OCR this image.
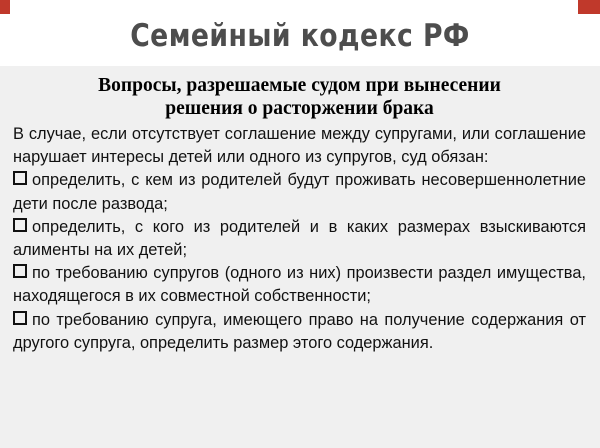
Семейный кодекс РФ

Вопросы, разрешаемые судом при вынесении
решения о расторжении брака

В случае, если отсутствует соглашение между супругами, или соглашение нарушает интересы детей или одного из супругов, суд обязан:

определить, с кем из родителей будут проживать несовершеннолетние дети после развода;
определить, с кого из родителей и в каких размерах взыскиваются алименты на их детей;
по требованию супругов (одного из них) произвести раздел имущества, находящегося в их совместной собственности;
по требованию супруга, имеющего право на получение содержания от другого супруга, определить размер этого содержания.
